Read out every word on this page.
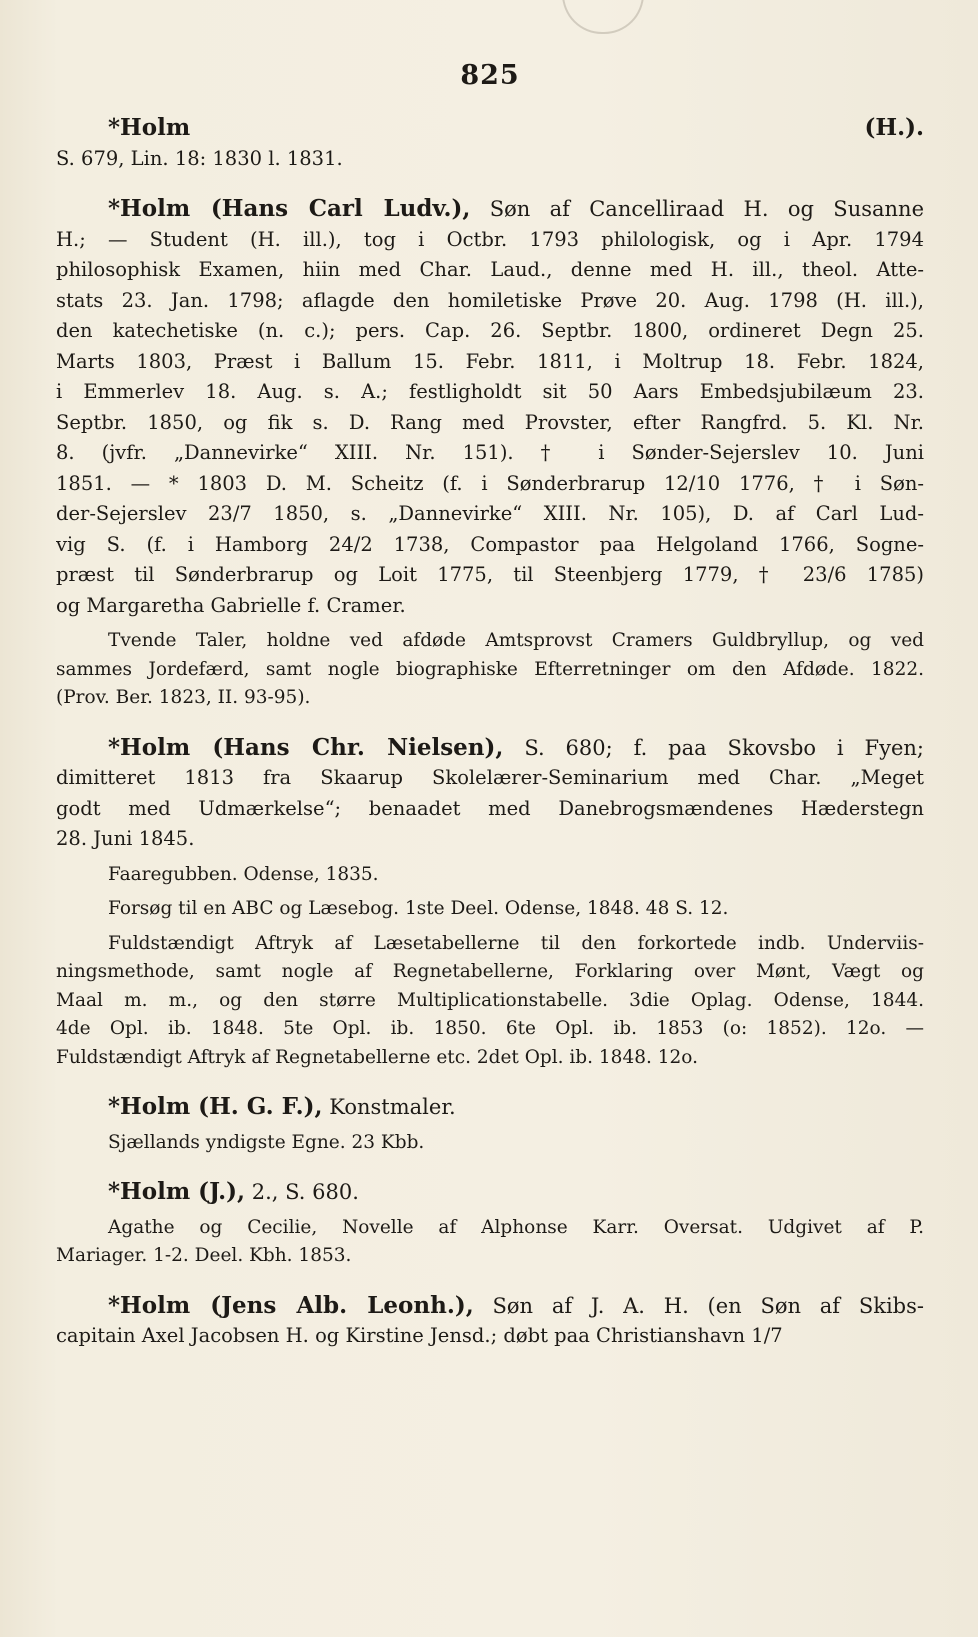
825
*Holm (H.).
S. 679, Lin. 18: 1830 l. 1831.
*Holm (Hans Carl Ludv.), Søn af Cancelliraad H. og Susanne
H.; — Student (H. ill.), tog i Octbr. 1793 philologisk, og i Apr. 1794
philosophisk Examen, hiin med Char. Laud., denne med H. ill., theol. Atte-
stats 23. Jan. 1798; aflagde den homiletiske Prøve 20. Aug. 1798 (H. ill.),
den katechetiske (n. c.); pers. Cap. 26. Septbr. 1800, ordineret Degn 25.
Marts 1803, Præst i Ballum 15. Febr. 1811, i Moltrup 18. Febr. 1824,
i Emmerlev 18. Aug. s. A.; festligholdt sit 50 Aars Embedsjubilæum 23.
Septbr. 1850, og fik s. D. Rang med Provster, efter Rangfrd. 5. Kl. Nr.
8. (jvfr. „Dannevirke“ XIII. Nr. 151). † i Sønder-Sejerslev 10. Juni
1851. — * 1803 D. M. Scheitz (f. i Sønderbrarup 12/10 1776, † i Søn-
der-Sejerslev 23/7 1850, s. „Dannevirke“ XIII. Nr. 105), D. af Carl Lud-
vig S. (f. i Hamborg 24/2 1738, Compastor paa Helgoland 1766, Sogne-
præst til Sønderbrarup og Loit 1775, til Steenbjerg 1779, † 23/6 1785)
og Margaretha Gabrielle f. Cramer.
Tvende Taler, holdne ved afdøde Amtsprovst Cramers Guldbryllup, og ved
sammes Jordefærd, samt nogle biographiske Efterretninger om den Afdøde. 1822.
(Prov. Ber. 1823, II. 93-95).
*Holm (Hans Chr. Nielsen), S. 680; f. paa Skovsbo i Fyen;
dimitteret 1813 fra Skaarup Skolelærer-Seminarium med Char. „Meget
godt med Udmærkelse“; benaadet med Danebrogsmændenes Hæderstegn
28. Juni 1845.
Faaregubben. Odense, 1835.
Forsøg til en ABC og Læsebog. 1ste Deel. Odense, 1848. 48 S. 12.
Fuldstændigt Aftryk af Læsetabellerne til den forkortede indb. Underviis-
ningsmethode, samt nogle af Regnetabellerne, Forklaring over Mønt, Vægt og
Maal m. m., og den større Multiplicationstabelle. 3die Oplag. Odense, 1844.
4de Opl. ib. 1848. 5te Opl. ib. 1850. 6te Opl. ib. 1853 (o: 1852). 12o. —
Fuldstændigt Aftryk af Regnetabellerne etc. 2det Opl. ib. 1848. 12o.
*Holm (H. G. F.), Konstmaler.
Sjællands yndigste Egne. 23 Kbb.
*Holm (J.), 2., S. 680.
Agathe og Cecilie, Novelle af Alphonse Karr. Oversat. Udgivet af P.
Mariager. 1-2. Deel. Kbh. 1853.
*Holm (Jens Alb. Leonh.), Søn af J. A. H. (en Søn af Skibs-
capitain Axel Jacobsen H. og Kirstine Jensd.; døbt paa Christianshavn 1/7
